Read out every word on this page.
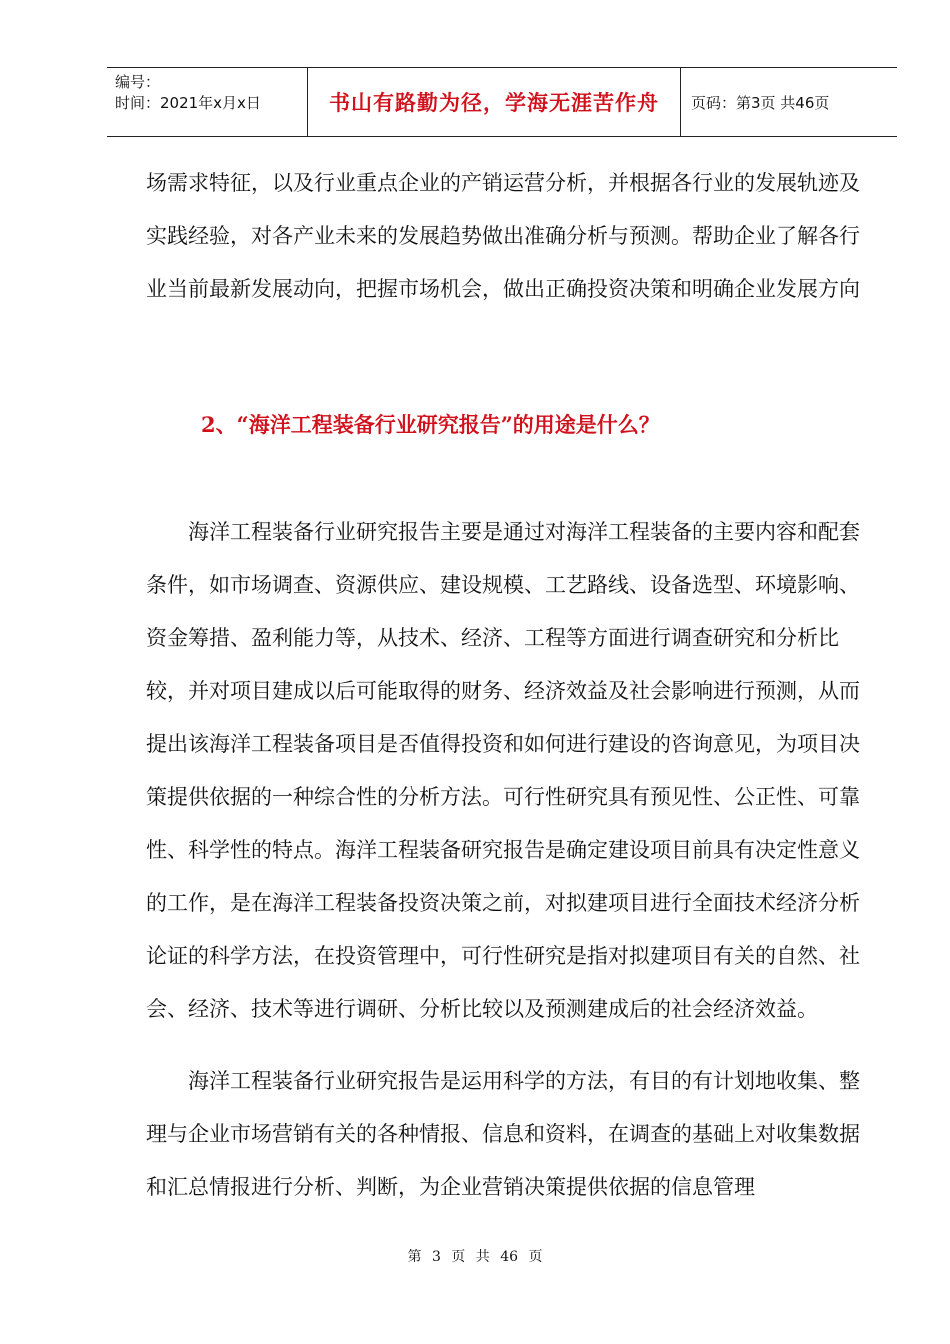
编号：
时间：2021年x月x日	书山有路勤为径，学海无涯苦作舟	页码：第3页 共46页

场需求特征，以及行业重点企业的产销运营分析，并根据各行业的发展轨迹及实践经验，对各产业未来的发展趋势做出准确分析与预测。帮助企业了解各行业当前最新发展动向，把握市场机会，做出正确投资决策和明确企业发展方向

2、“海洋工程装备行业研究报告”的用途是什么？

海洋工程装备行业研究报告主要是通过对海洋工程装备的主要内容和配套条件，如市场调查、资源供应、建设规模、工艺路线、设备选型、环境影响、资金筹措、盈利能力等，从技术、经济、工程等方面进行调查研究和分析比较，并对项目建成以后可能取得的财务、经济效益及社会影响进行预测，从而提出该海洋工程装备项目是否值得投资和如何进行建设的咨询意见，为项目决策提供依据的一种综合性的分析方法。可行性研究具有预见性、公正性、可靠性、科学性的特点。海洋工程装备研究报告是确定建设项目前具有决定性意义的工作，是在海洋工程装备投资决策之前，对拟建项目进行全面技术经济分析论证的科学方法，在投资管理中，可行性研究是指对拟建项目有关的自然、社会、经济、技术等进行调研、分析比较以及预测建成后的社会经济效益。

海洋工程装备行业研究报告是运用科学的方法，有目的有计划地收集、整理与企业市场营销有关的各种情报、信息和资料，在调查的基础上对收集数据和汇总情报进行分析、判断，为企业营销决策提供依据的信息管理

第 3 页 共 46 页
